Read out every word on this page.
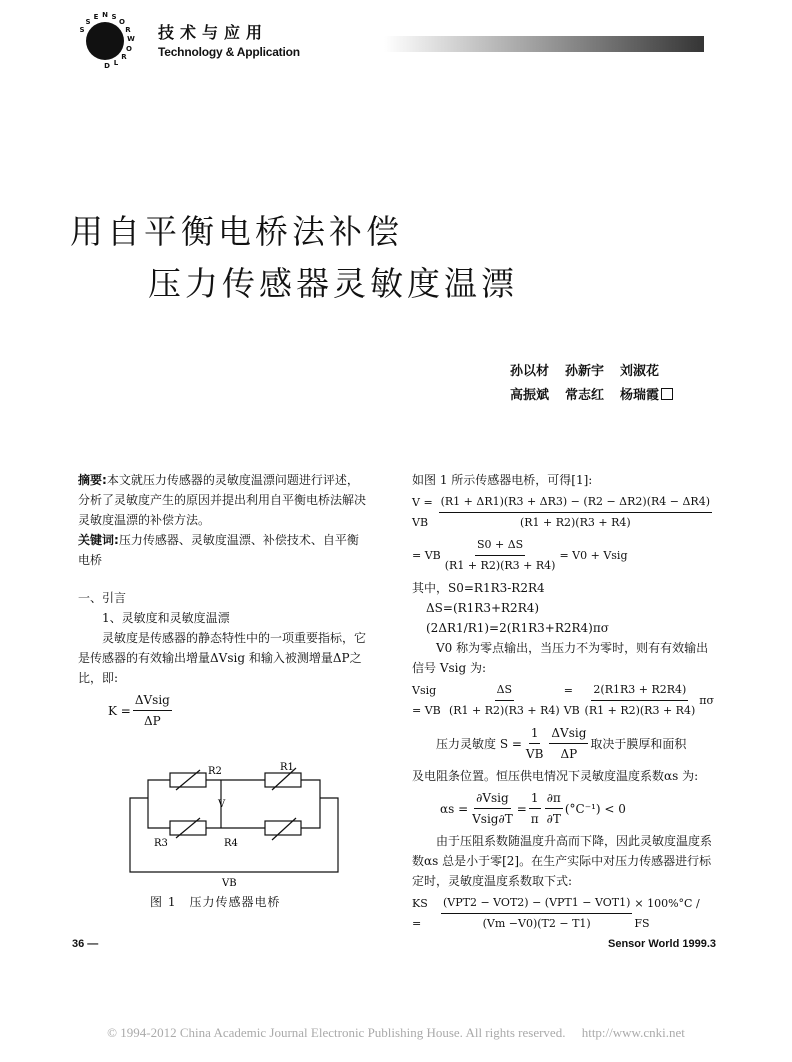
N S
O
R
W
O
R
L
D
E
S
S	技术与应用
Technology & Application
用自平衡电桥法补偿
压力传感器灵敏度温漂
孙以材 孙新宇 刘淑花
高振斌 常志红 杨瑞霞
摘要:本文就压力传感器的灵敏度温漂问题进行评述，分析了灵敏度产生的原因并提出利用自平衡电桥法解决灵敏度温漂的补偿方法。
关键词:压力传感器、灵敏度温漂、补偿技术、自平衡电桥
一、引言
1、灵敏度和灵敏度温漂
灵敏度是传感器的静态特性中的一项重要指标，它是传感器的有效输出增量ΔVsig 和输入被测增量ΔP之比，即:
$K = \frac{\text{ΔVsig}}{\Delta P}$
R2	R1
V
R3	R4
VB
图 1　压力传感器电桥
如图 1 所示传感器电桥，可得[1]:
V = VB $\frac{(R1 + \Delta R1)(R3 + \Delta R3) - (R2 - \Delta R2)(R4 - \Delta R4)}{(R1 + R2)(R3 + R4)}$
= VB $\frac{S0 + \Delta S}{(R1 + R2)(R3 + R4)} = V0$ + Vsig
其中，S0=R1R3-R2R4
ΔS=(R1R3+R2R4)(2ΔR1/R1)=2(R1R3+R2R4)πσ
V0 称为零点输出，当压力不为零时，则有有效输出信号 Vsig 为:
Vsig = VB $\frac{\Delta S}{(R1 + R2)(R3 + R4)}$ = VB $\frac{2(R1R3 + R2R4)}{(R1 + R2)(R3 + R4)}$ πσ
压力灵敏度 $S = \frac{1}{VB} \frac{\text{ΔVsig}}{\Delta P}$ 取决于膜厚和面积
及电阻条位置。恒压供电情况下灵敏度温度系数αs 为:
$\alpha s = \frac{\text{∂Vsig}}{\text{Vsig∂T}} = \frac{1}{\pi} \frac{\partial\pi}{\partial T} (^\circ C^{-1}) < 0$
由于压阻系数随温度升高而下降，因此灵敏度温度系数αs 总是小于零[2]。在生产实际中对压力传感器进行标定时，灵敏度温度系数取下式:
KS =	$\frac{\text{(VPT2 − VOT2) − (VPT1 − VOT1)}}{(Vm -V0)(T2 - T1)} \times 100\%^\circ C$ / FS
36 —	Sensor World 1999.3
© 1994-2012 China Academic Journal Electronic Publishing House. All rights reserved.　 http://www.cnki.net
